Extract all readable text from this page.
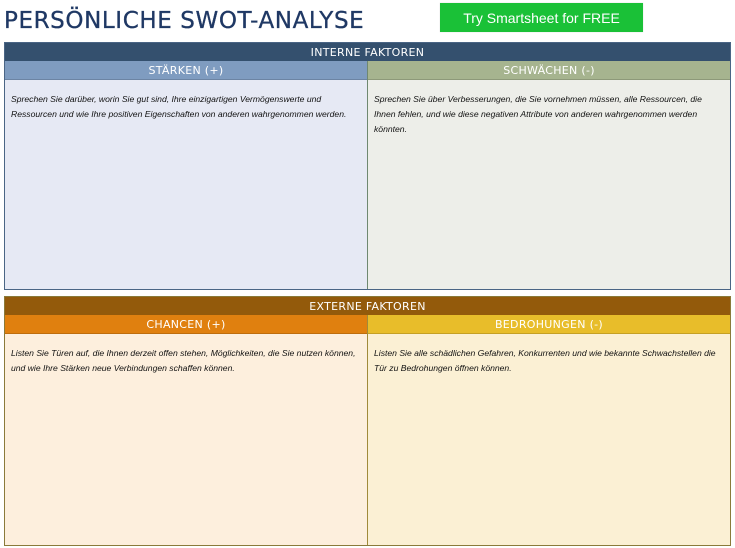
PERSÖNLICHE SWOT-ANALYSE	Try Smartsheet for FREE
INTERNE FAKTOREN
STÄRKEN (+)
Sprechen Sie darüber, worin Sie gut sind, Ihre einzigartigen Vermögenswerte und Ressourcen und wie Ihre positiven Eigenschaften von anderen wahrgenommen werden.
SCHWÄCHEN (-)
Sprechen Sie über Verbesserungen, die Sie vornehmen müssen, alle Ressourcen, die Ihnen fehlen, und wie diese negativen Attribute von anderen wahrgenommen werden könnten.
EXTERNE FAKTOREN
CHANCEN (+)
Listen Sie Türen auf, die Ihnen derzeit offen stehen, Möglichkeiten, die Sie nutzen können, und wie Ihre Stärken neue Verbindungen schaffen können.
BEDROHUNGEN (-)
Listen Sie alle schädlichen Gefahren, Konkurrenten und wie bekannte Schwachstellen die Tür zu Bedrohungen öffnen können.
